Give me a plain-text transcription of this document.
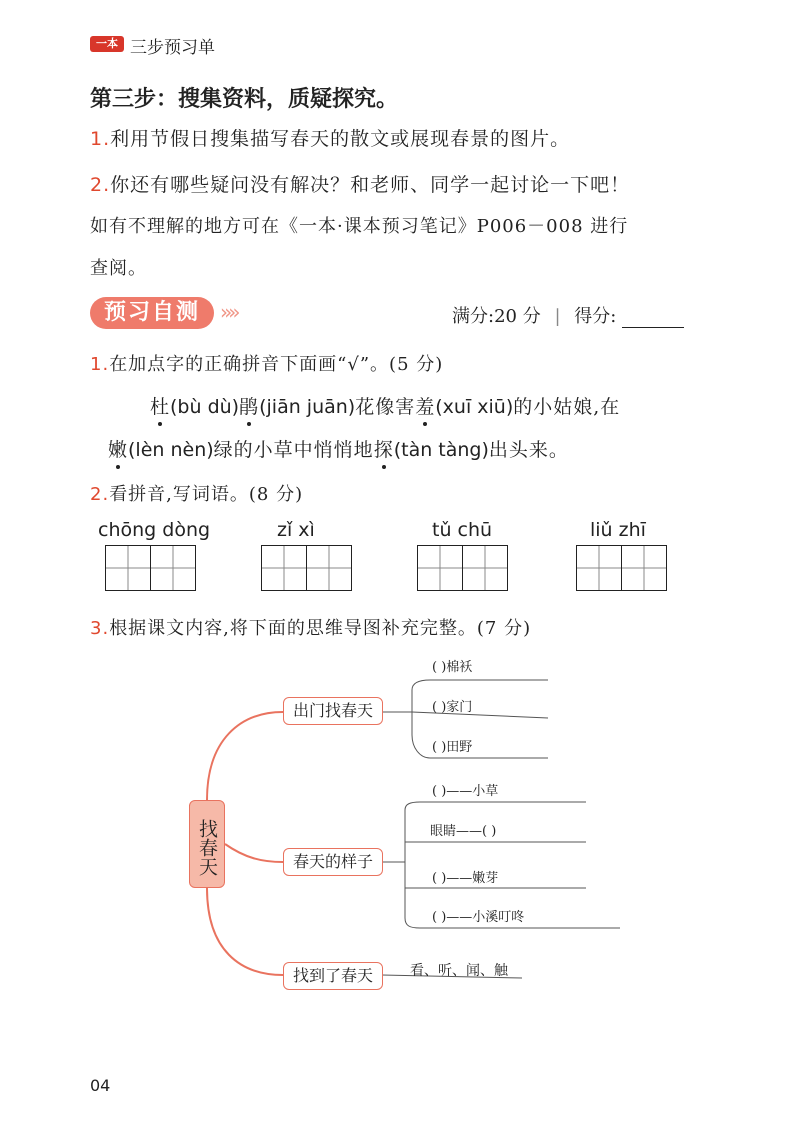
一本 三步预习单
第三步：搜集资料，质疑探究。
1.利用节假日搜集描写春天的散文或展现春景的图片。
2.你还有哪些疑问没有解决？和老师、同学一起讨论一下吧！
如有不理解的地方可在《一本·课本预习笔记》P006－008 进行
查阅。
预习自测	»»	满分:20 分 | 得分:
1.在加点字的正确拼音下面画“√”。(5 分)
杜(bù dù)鹃(jiān juān)花像害羞(xuī xiū)的小姑娘,在
嫩(lèn nèn)绿的小草中悄悄地探(tàn tàng)出头来。
2.看拼音,写词语。(8 分)
chōng dòng	zǐ xì	tǔ chū	liǔ zhī
3.根据课文内容,将下面的思维导图补充完整。(7 分)
找春天
出门找春天
春天的样子
找到了春天
( )棉袄
( )家门
( )田野
( )——小草
眼睛——( )
( )——嫩芽
( )——小溪叮咚
看、听、闻、触
04
